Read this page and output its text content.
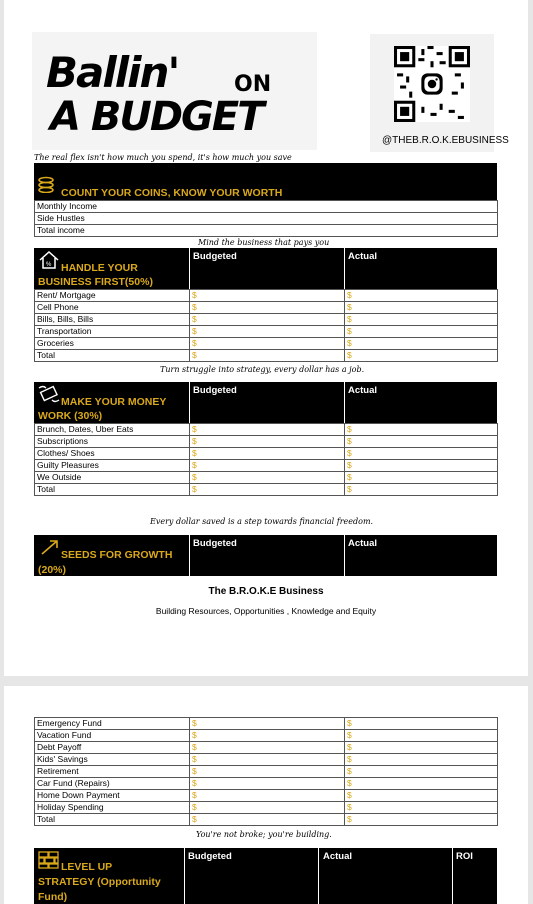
Ballin'	ON
A BUDGET
@THEB.R.O.K.EBUSINESS
The real flex isn't how much you spend, it's how much you save
COUNT YOUR COINS, KNOW YOUR WORTH
Monthly Income
Side Hustles
Total income
Mind the business that pays you
% HANDLE YOUR
BUSINESS FIRST(50%)
Budgeted	Actual
Rent/ Mortgage	$	$
Cell Phone	$	$
Bills, Bills, Bills	$	$
Transportation	$	$
Groceries	$	$
Total	$	$
Turn struggle into strategy, every dollar has a job.
MAKE YOUR MONEY
WORK (30%)
Budgeted	Actual
Brunch, Dates, Uber Eats	$	$
Subscriptions	$	$
Clothes/ Shoes	$	$
Guilty Pleasures	$	$
We Outside	$	$
Total	$	$
Every dollar saved is a step towards financial freedom.
SEEDS FOR GROWTH
(20%)
Budgeted	Actual
The B.R.O.K.E Business
Building Resources, Opportunities , Knowledge and Equity
Emergency Fund	$	$
Vacation Fund	$	$
Debt Payoff	$	$
Kids' Savings	$	$
Retirement	$	$
Car Fund (Repairs)	$	$
Home Down Payment	$	$
Holiday Spending	$	$
Total	$	$
You're not broke; you're building.
LEVEL UP
STRATEGY (Opportunity
Fund)
Budgeted	Actual	ROI
